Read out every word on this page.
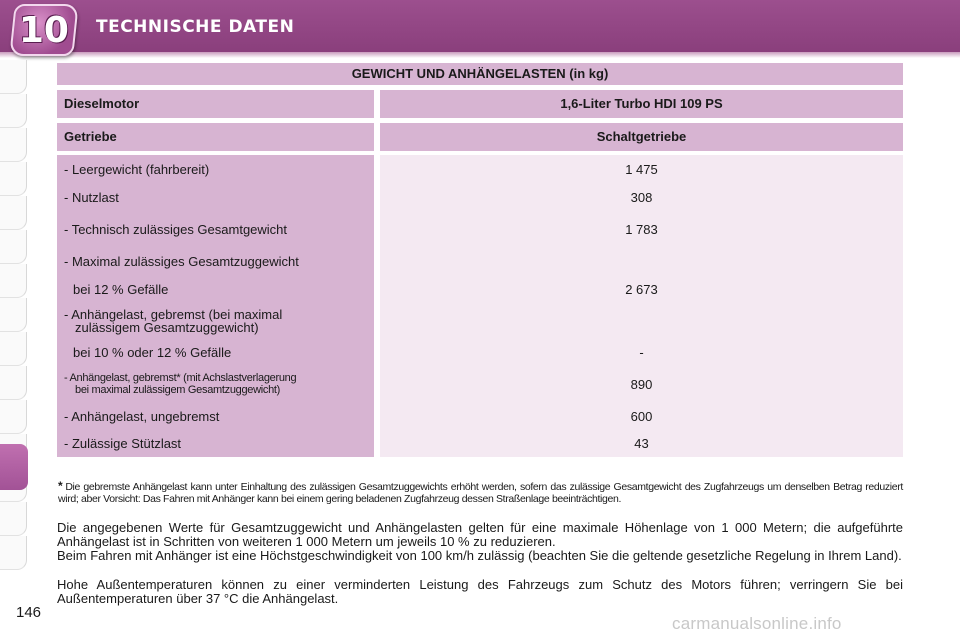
10 TECHNISCHE DATEN
GEWICHT UND ANHÄNGELASTEN (in kg)
Dieselmotor	1,6-Liter Turbo HDI 109 PS
Getriebe	Schaltgetriebe
- Leergewicht (fahrbereit)	1 475
- Nutzlast	308
- Technisch zulässiges Gesamtgewicht	1 783
- Maximal zulässiges Gesamtzuggewicht
bei 12 % Gefälle	2 673
- Anhängelast, gebremst (bei maximal
zulässigem Gesamtzuggewicht)
bei 10 % oder 12 % Gefälle	-
- Anhängelast, gebremst* (mit Achslastverlagerung
bei maximal zulässigem Gesamtzuggewicht)	890
- Anhängelast, ungebremst	600
- Zulässige Stützlast	43
* Die gebremste Anhängelast kann unter Einhaltung des zulässigen Gesamtzuggewichts erhöht werden, sofern das zulässige Gesamtgewicht des Zugfahrzeugs um denselben Betrag reduziert wird; aber Vorsicht: Das Fahren mit Anhänger kann bei einem gering beladenen Zugfahrzeug dessen Straßenlage beeinträchtigen.
Die angegebenen Werte für Gesamtzuggewicht und Anhängelasten gelten für eine maximale Höhenlage von 1 000 Metern; die aufgeführte Anhängelast ist in Schritten von weiteren 1 000 Metern um jeweils 10 % zu reduzieren.
Beim Fahren mit Anhänger ist eine Höchstgeschwindigkeit von 100 km/h zulässig (beachten Sie die geltende gesetzliche Regelung in Ihrem Land).
Hohe Außentemperaturen können zu einer verminderten Leistung des Fahrzeugs zum Schutz des Motors führen; verringern Sie bei Außentemperaturen über 37 °C die Anhängelast.
146
carmanualsonline.info
